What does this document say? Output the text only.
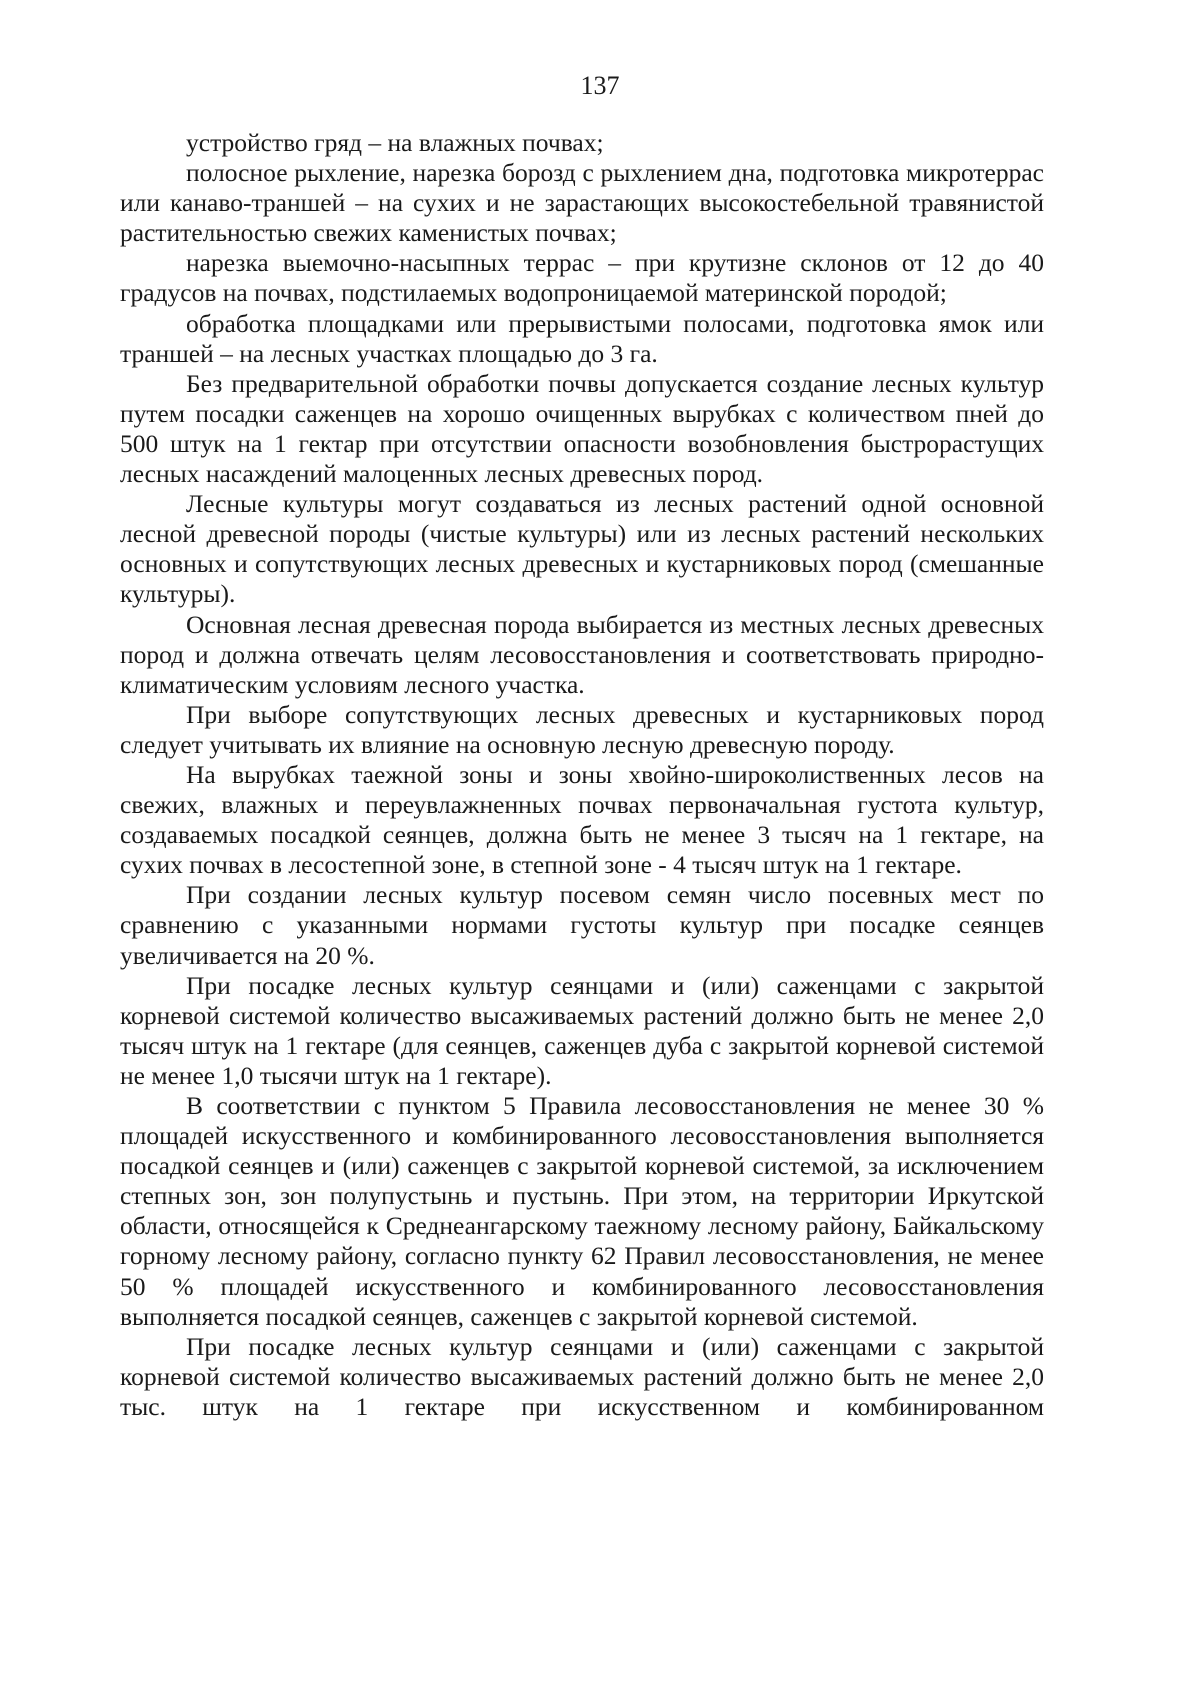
137

устройство гряд – на влажных почвах;

полосное рыхление, нарезка борозд с рыхлением дна, подготовка микротеррас или канаво-траншей – на сухих и не зарастающих высокостебельной травянистой растительностью свежих каменистых почвах;

нарезка выемочно-насыпных террас – при крутизне склонов от 12 до 40 градусов на почвах, подстилаемых водопроницаемой материнской породой;

обработка площадками или прерывистыми полосами, подготовка ямок или траншей – на лесных участках площадью до 3 га.

Без предварительной обработки почвы допускается создание лесных культур путем посадки саженцев на хорошо очищенных вырубках с количеством пней до 500 штук на 1 гектар при отсутствии опасности возобновления быстрорастущих лесных насаждений малоценных лесных древесных пород.

Лесные культуры могут создаваться из лесных растений одной основной лесной древесной породы (чистые культуры) или из лесных растений нескольких основных и сопутствующих лесных древесных и кустарниковых пород (смешанные культуры).

Основная лесная древесная порода выбирается из местных лесных древесных пород и должна отвечать целям лесовосстановления и соответствовать природно-климатическим условиям лесного участка.

При выборе сопутствующих лесных древесных и кустарниковых пород следует учитывать их влияние на основную лесную древесную породу.

На вырубках таежной зоны и зоны хвойно-широколиственных лесов на свежих, влажных и переувлажненных почвах первоначальная густота культур, создаваемых посадкой сеянцев, должна быть не менее 3 тысяч на 1 гектаре, на сухих почвах в лесостепной зоне, в степной зоне - 4 тысяч штук на 1 гектаре.

При создании лесных культур посевом семян число посевных мест по сравнению с указанными нормами густоты культур при посадке сеянцев увеличивается на 20 %.

При посадке лесных культур сеянцами и (или) саженцами с закрытой корневой системой количество высаживаемых растений должно быть не менее 2,0 тысяч штук на 1 гектаре (для сеянцев, саженцев дуба с закрытой корневой системой не менее 1,0 тысячи штук на 1 гектаре).

В соответствии с пунктом 5 Правила лесовосстановления не менее 30 % площадей искусственного и комбинированного лесовосстановления выполняется посадкой сеянцев и (или) саженцев с закрытой корневой системой, за исключением степных зон, зон полупустынь и пустынь. При этом, на территории Иркутской области, относящейся к Среднеангарскому таежному лесному району, Байкальскому горному лесному району, согласно пункту 62 Правил лесовосстановления, не менее 50 % площадей искусственного и комбинированного лесовосстановления выполняется посадкой сеянцев, саженцев с закрытой корневой системой.

При посадке лесных культур сеянцами и (или) саженцами с закрытой корневой системой количество высаживаемых растений должно быть не менее 2,0 тыс. штук на 1 гектаре при искусственном и комбинированном
